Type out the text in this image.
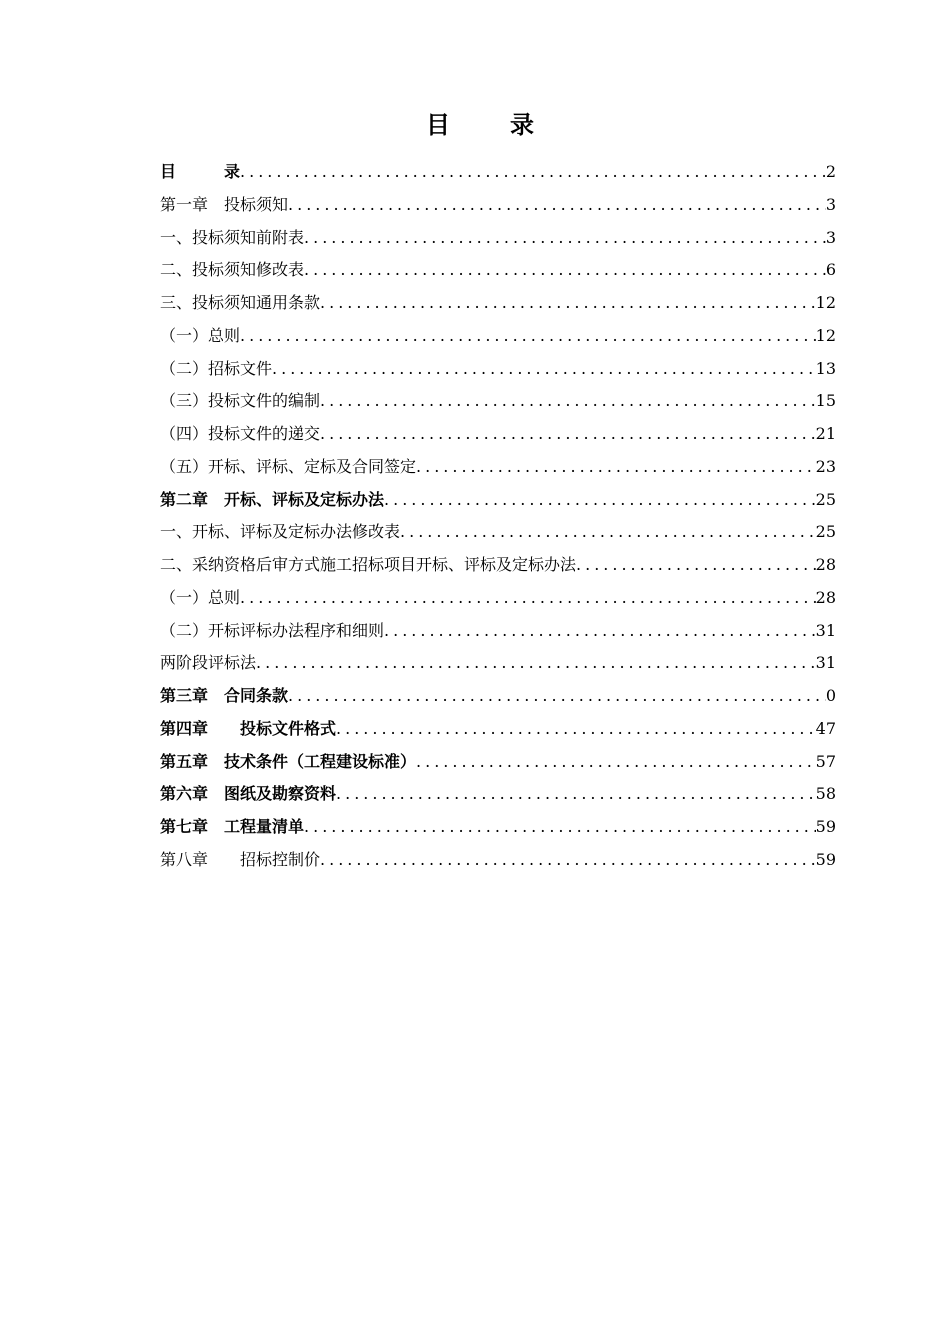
目录
目　　　录 .....	2
第一章　投标须知 .....	3
一、投标须知前附表 .....	3
二、投标须知修改表 .....	6
三、投标须知通用条款 .....	12
（一）总则 .....	12
（二）招标文件 .....	13
（三）投标文件的编制 .....	15
（四）投标文件的递交 .....	21
（五）开标、评标、定标及合同签定 .....	23
第二章　开标、评标及定标办法 .....	25
一、开标、评标及定标办法修改表 .....	25
二、采纳资格后审方式施工招标项目开标、评标及定标办法 .....	28
（一）总则 .....	28
（二）开标评标办法程序和细则 .....	31
两阶段评标法 .....	31
第三章　合同条款 .....	0
第四章　　投标文件格式 .....	47
第五章　技术条件（工程建设标准） .....	57
第六章　图纸及勘察资料 .....	58
第七章　工程量清单 .....	59
第八章　　招标控制价 .....	59
